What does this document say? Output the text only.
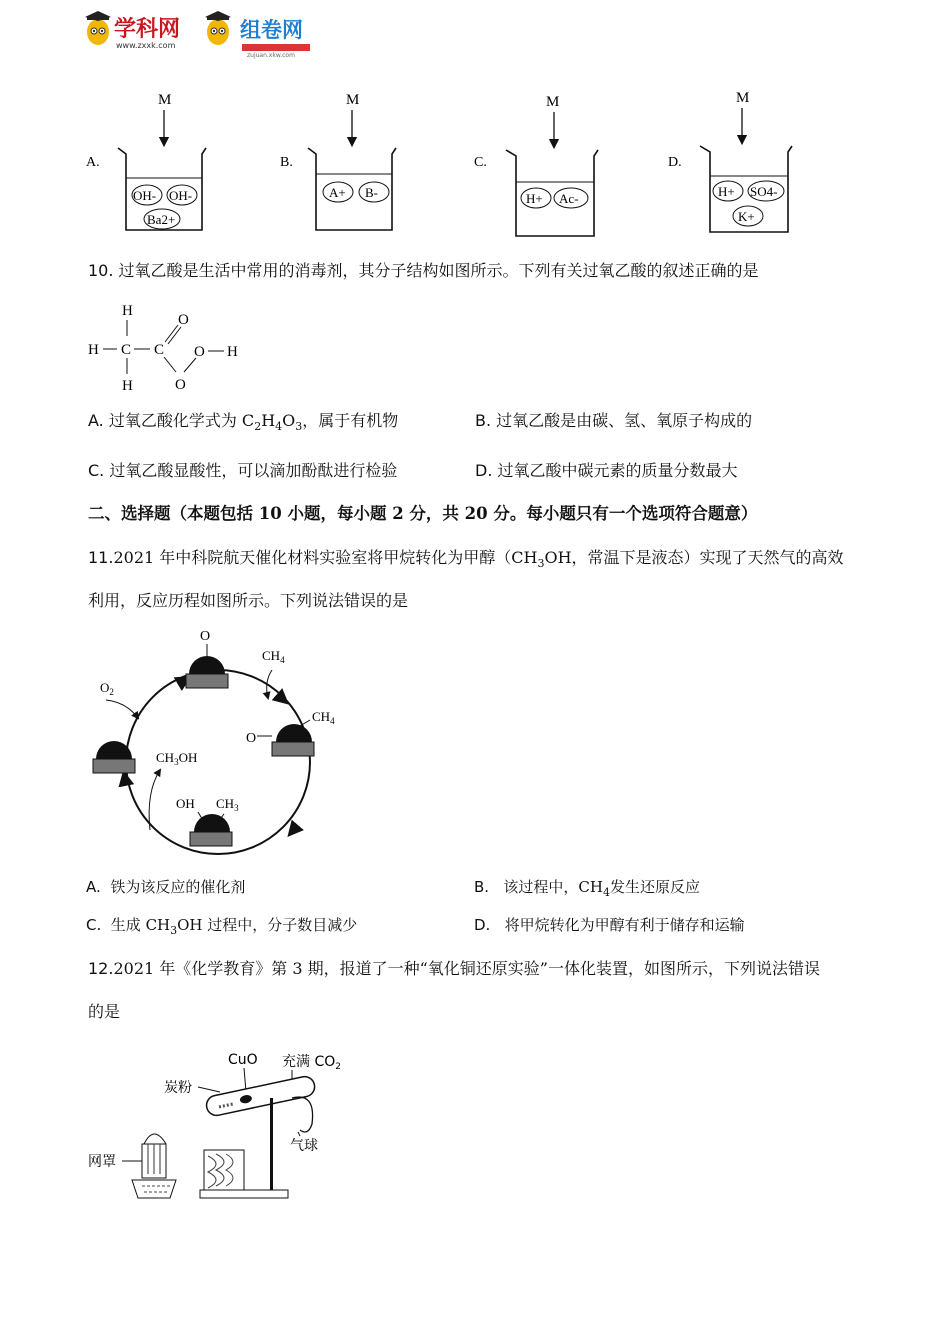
学科网
www.zxxk.com
组卷网
zujuan.xkw.com
A.
M
OH- OH-
Ba2+
B.
M
A+ B-
C.
M
H+ Ac-
D.
M
H+ SO4-
K+
10. 过氧乙酸是生活中常用的消毒剂，其分子结构如图所示。下列有关过氧乙酸的叙述正确的是
H
H C C
H
O
O
O H
A. 过氧乙酸化学式为 $C_2H_4O_3$，属于有机物	B. 过氧乙酸是由碳、氢、氧原子构成的
C. 过氧乙酸显酸性，可以滴加酚酞进行检验	D. 过氧乙酸中碳元素的质量分数最大
二、选择题（本题包括 10 小题，每小题 2 分，共 20 分。每小题只有一个选项符合题意）
11.2021 年中科院航天催化材料实验室将甲烷转化为甲醇（$CH_3OH$，常温下是液态）实现了天然气的高效
利用，反应历程如图所示。下列说法错误的是
O
O
$CH_4$
OH $CH_3$
$O_2$
$CH_4$
$CH_3OH$
A. 铁为该反应的催化剂	B. 该过程中，$CH_4$发生还原反应
C. 生成 $CH_3OH$ 过程中，分子数目减少	D. 将甲烷转化为甲醇有利于储存和运输
12.2021 年《化学教育》第 3 期，报道了一种“氧化铜还原实验”一体化装置，如图所示，下列说法错误
的是
CuO 充满 $CO_2$
炭粉
气球
网罩
